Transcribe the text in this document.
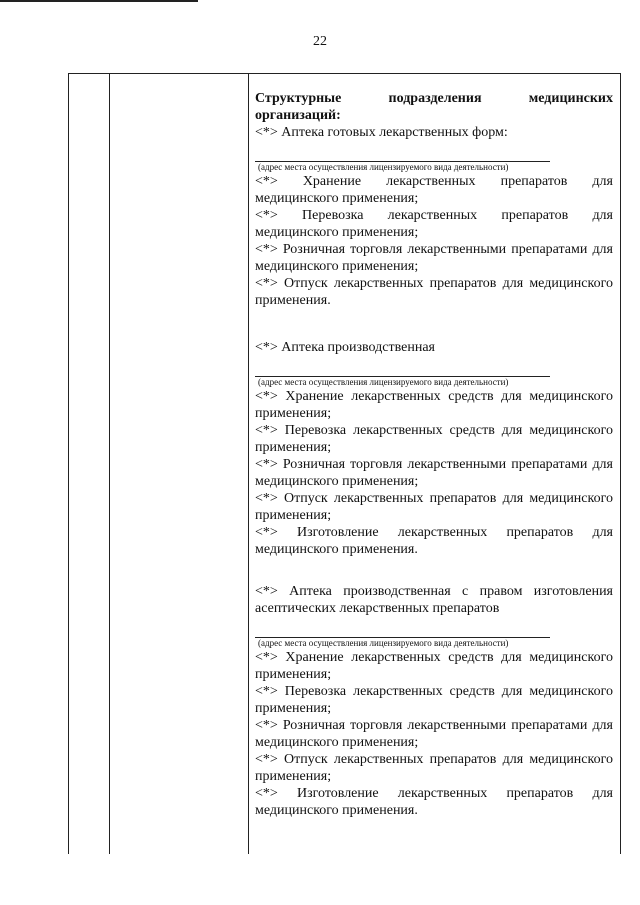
22

Структурные подразделения медицинских организаций:

<*> Аптека готовых лекарственных форм:

(адрес места осуществления лицензируемого вида деятельности)

<*> Хранение лекарственных препаратов для медицинского применения;

<*> Перевозка лекарственных препаратов для медицинского применения;

<*> Розничная торговля лекарственными препаратами для медицинского применения;

<*> Отпуск лекарственных препаратов для медицинского применения.

<*> Аптека производственная

(адрес места осуществления лицензируемого вида деятельности)

<*> Хранение лекарственных средств для медицинского применения;

<*> Перевозка лекарственных средств для медицинского применения;

<*> Розничная торговля лекарственными препаратами для медицинского применения;

<*> Отпуск лекарственных препаратов для медицинского применения;

<*> Изготовление лекарственных препаратов для медицинского применения.

<*> Аптека производственная с правом изготовления асептических лекарственных препаратов

(адрес места осуществления лицензируемого вида деятельности)

<*> Хранение лекарственных средств для медицинского применения;

<*> Перевозка лекарственных средств для медицинского применения;

<*> Розничная торговля лекарственными препаратами для медицинского применения;

<*> Отпуск лекарственных препаратов для медицинского применения;

<*> Изготовление лекарственных препаратов для медицинского применения.
